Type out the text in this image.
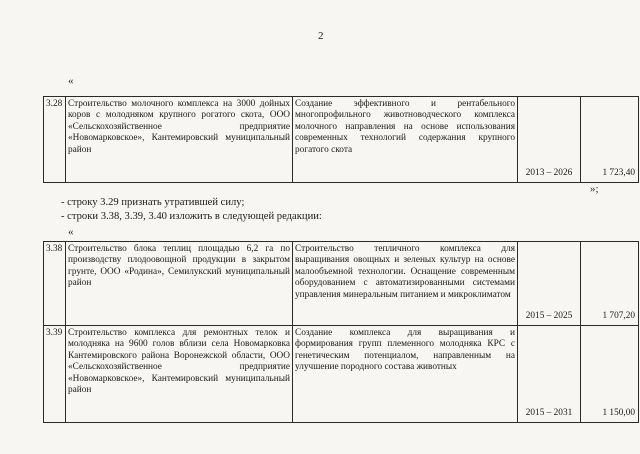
2
«
3.28	Строительство молочного комплекса на 3000 дойных коров с молодняком крупного рогатого скота, ООО «Сельскохозяйственное предприятие «Новомарковское», Кантемировский муниципальный район	Создание эффективного и рентабельного многопрофильного животноводческого комплекса молочного направления на основе использования современных технологий содержания крупного рогатого скота	2013 – 2026	1 723,40
»;
- строку 3.29 признать утратившей силу;
- строки 3.38, 3.39, 3.40 изложить в следующей редакции:
«
3.38	Строительство блока теплиц площадью 6,2 га по производству плодоовощной продукции в закрытом грунте, ООО «Родина», Семилукский муниципальный район	Строительство тепличного комплекса для выращивания овощных и зеленых культур на основе малообъемной технологии. Оснащение современным оборудованием с автоматизированными системами управления минеральным питанием и микроклиматом	2015 – 2025	1 707,20
3.39	Строительство комплекса для ремонтных телок и молодняка на 9600 голов вблизи села Новомарковка Кантемировского района Воронежской области, ООО «Сельскохозяйственное предприятие «Новомарковское», Кантемировский муниципальный район	Создание комплекса для выращивания и формирования групп племенного молодняка КРС с генетическим потенциалом, направленным на улучшение породного состава животных	2015 – 2031	1 150,00
